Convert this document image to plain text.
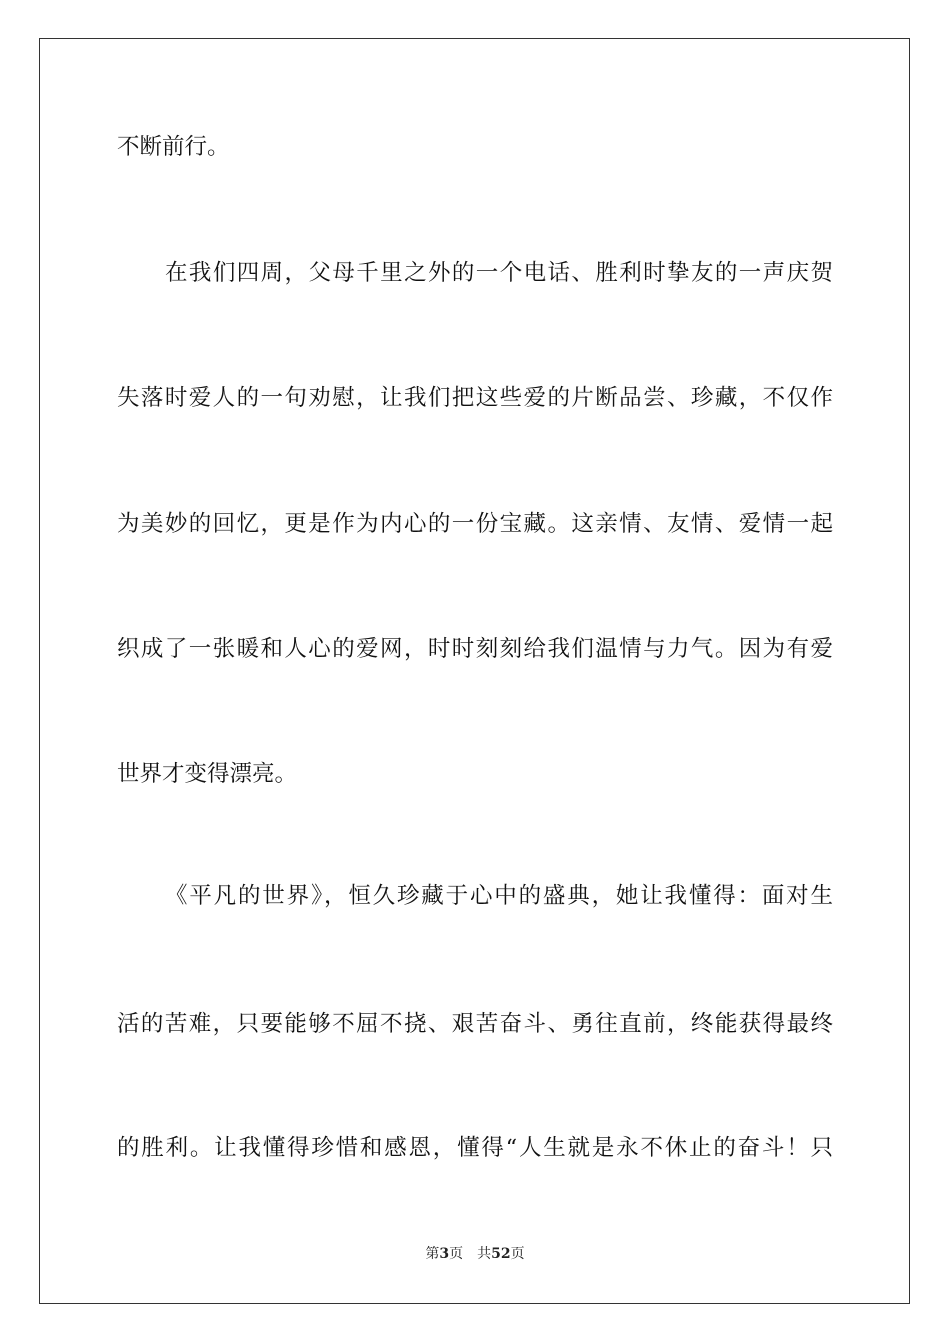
不断前行。
在我们四周，父母千里之外的一个电话、胜利时挚友的一声庆贺
失落时爱人的一句劝慰，让我们把这些爱的片断品尝、珍藏，不仅作
为美妙的回忆，更是作为内心的一份宝藏。这亲情、友情、爱情一起
织成了一张暖和人心的爱网，时时刻刻给我们温情与力气。因为有爱
世界才变得漂亮。
《平凡的世界》，恒久珍藏于心中的盛典，她让我懂得：面对生
活的苦难，只要能够不屈不挠、艰苦奋斗、勇往直前，终能获得最终
的胜利。让我懂得珍惜和感恩，懂得“人生就是永不休止的奋斗！只
第3页 共52页
